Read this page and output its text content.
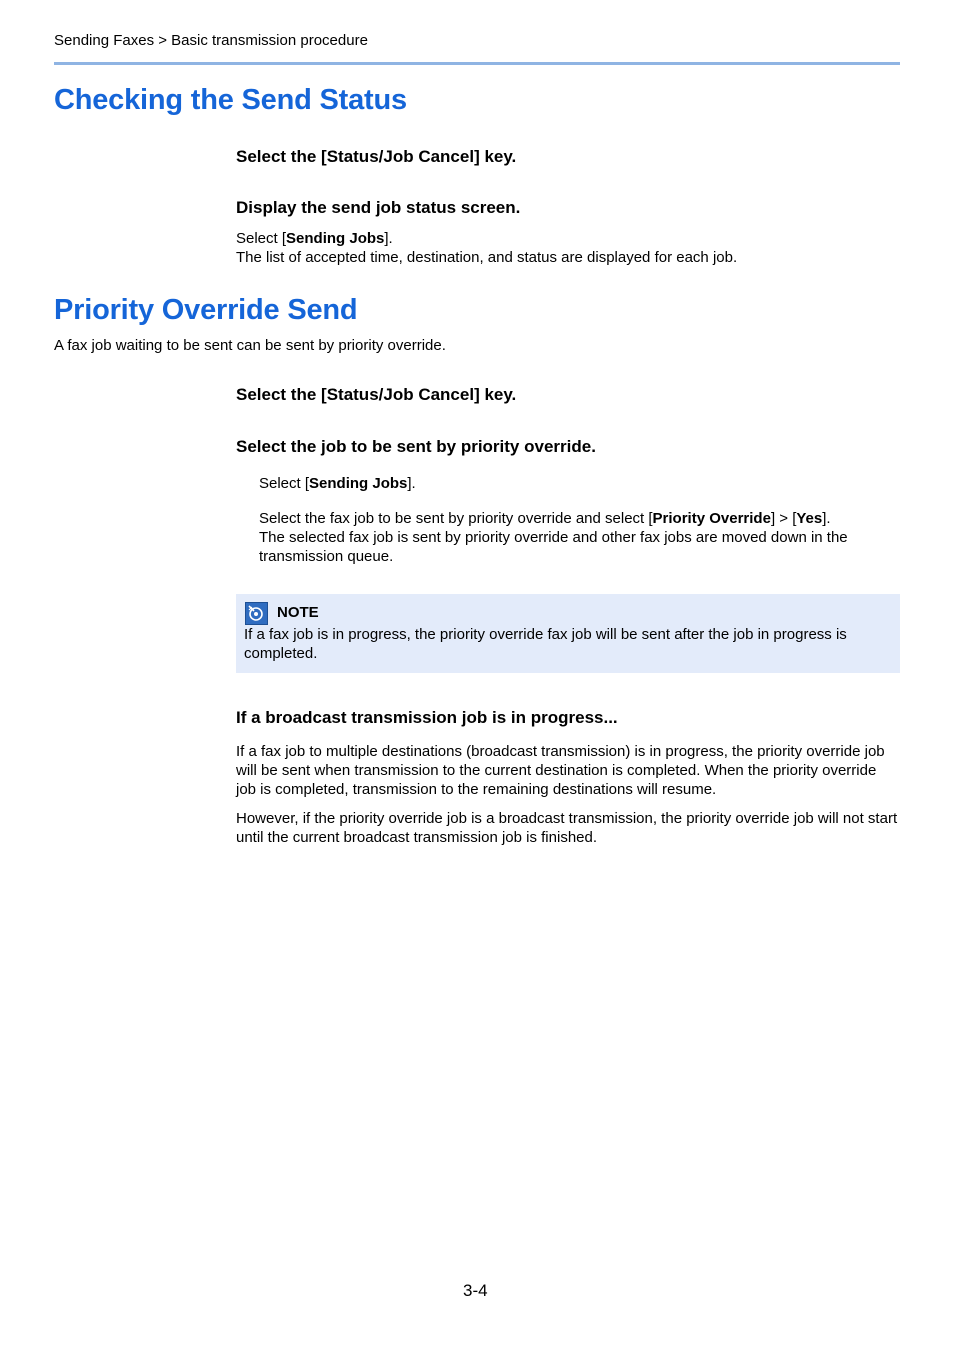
Sending Faxes > Basic transmission procedure
Checking the Send Status
Select the [Status/Job Cancel] key.
Display the send job status screen.
Select [Sending Jobs].
The list of accepted time, destination, and status are displayed for each job.
Priority Override Send
A fax job waiting to be sent can be sent by priority override.
Select the [Status/Job Cancel] key.
Select the job to be sent by priority override.
Select [Sending Jobs].
Select the fax job to be sent by priority override and select [Priority Override] > [Yes].
The selected fax job is sent by priority override and other fax jobs are moved down in the transmission queue.
NOTE
If a fax job is in progress, the priority override fax job will be sent after the job in progress is completed.
If a broadcast transmission job is in progress...
If a fax job to multiple destinations (broadcast transmission) is in progress, the priority override job will be sent when transmission to the current destination is completed. When the priority override job is completed, transmission to the remaining destinations will resume.
However, if the priority override job is a broadcast transmission, the priority override job will not start until the current broadcast transmission job is finished.
3-4
